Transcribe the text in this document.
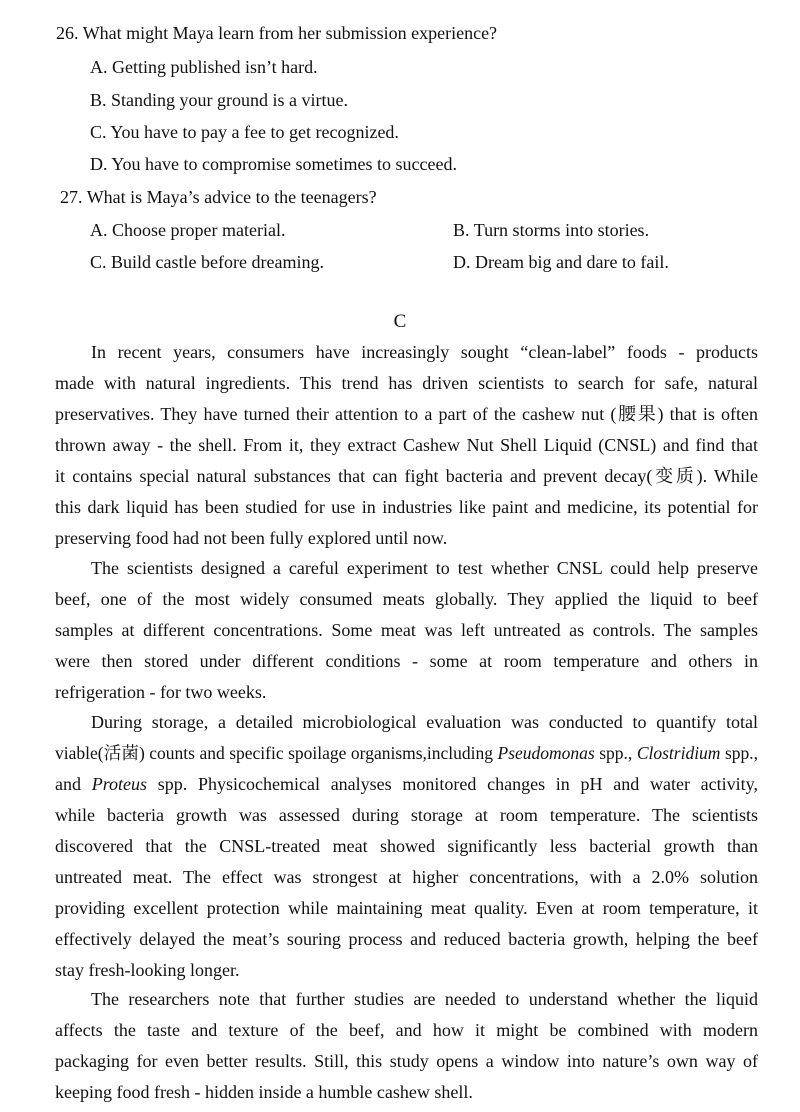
26. What might Maya learn from her submission experience?
A. Getting published isn’t hard.
B. Standing your ground is a virtue.
C. You have to pay a fee to get recognized.
D. You have to compromise sometimes to succeed.
27. What is Maya’s advice to the teenagers?
A. Choose proper material.	B. Turn storms into stories.
C. Build castle before dreaming.	D. Dream big and dare to fail.
C
In recent years, consumers have increasingly sought “clean-label” foods - products
made with natural ingredients. This trend has driven scientists to search for safe, natural
preservatives. They have turned their attention to a part of the cashew nut (腰果) that is often
thrown away - the shell. From it, they extract Cashew Nut Shell Liquid (CNSL) and find that
it contains special natural substances that can fight bacteria and prevent decay(变质). While
this dark liquid has been studied for use in industries like paint and medicine, its potential for
preserving food had not been fully explored until now.
The scientists designed a careful experiment to test whether CNSL could help preserve
beef, one of the most widely consumed meats globally. They applied the liquid to beef
samples at different concentrations. Some meat was left untreated as controls. The samples
were then stored under different conditions - some at room temperature and others in
refrigeration - for two weeks.
During storage, a detailed microbiological evaluation was conducted to quantify total
viable(活菌) counts and specific spoilage organisms,including Pseudomonas spp., Clostridium spp.,
and Proteus spp. Physicochemical analyses monitored changes in pH and water activity,
while bacteria growth was assessed during storage at room temperature. The scientists
discovered that the CNSL-treated meat showed significantly less bacterial growth than
untreated meat. The effect was strongest at higher concentrations, with a 2.0% solution
providing excellent protection while maintaining meat quality. Even at room temperature, it
effectively delayed the meat’s souring process and reduced bacteria growth, helping the beef
stay fresh-looking longer.
The researchers note that further studies are needed to understand whether the liquid
affects the taste and texture of the beef, and how it might be combined with modern
packaging for even better results. Still, this study opens a window into nature’s own way of
keeping food fresh - hidden inside a humble cashew shell.
